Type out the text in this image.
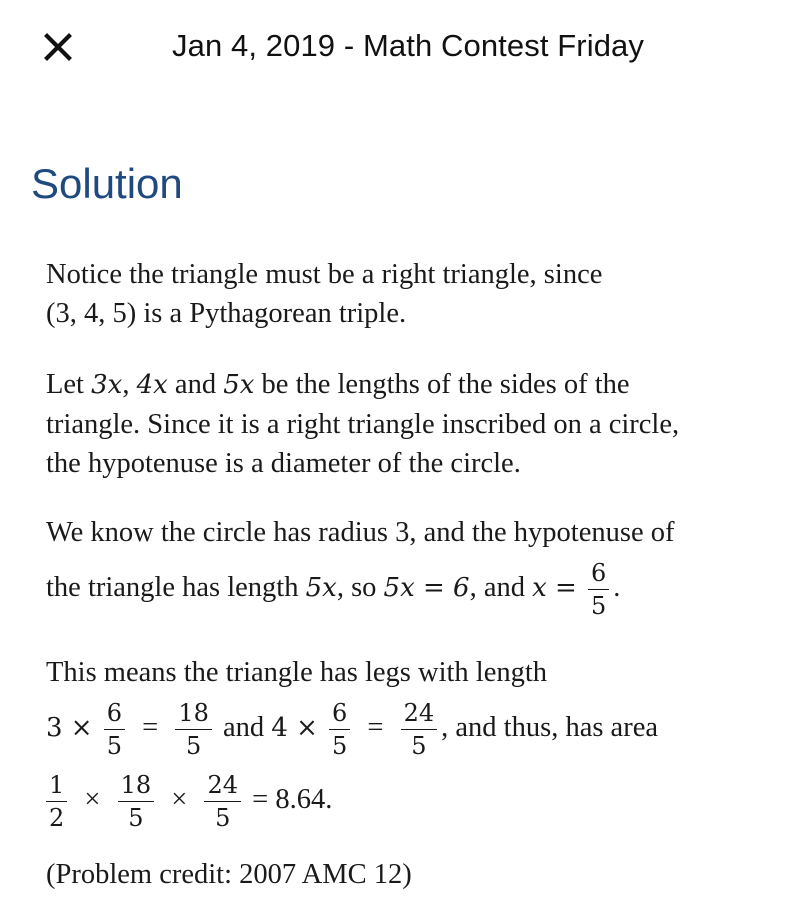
Jan 4, 2019 - Math Contest Friday
Solution

Notice the triangle must be a right triangle, since
(3, 4, 5) is a Pythagorean triple.

Let 3x, 4x and 5x be the lengths of the sides of the
triangle. Since it is a right triangle inscribed on a circle,
the hypotenuse is a diameter of the circle.

We know the circle has radius 3, and the hypotenuse of

the triangle has length 5x, so 5x = 6, and $x = \frac{6}{5}$ .

This means the triangle has legs with length

$3 \times \frac{6}{5} = \frac{18}{5}$ and $4 \times \frac{6}{5} = \frac{24}{5}$ , and thus, has area
$\frac{1}{2} \times \frac{18}{5} \times \frac{24}{5} = 8.64$.

(Problem credit: 2007 AMC 12)
